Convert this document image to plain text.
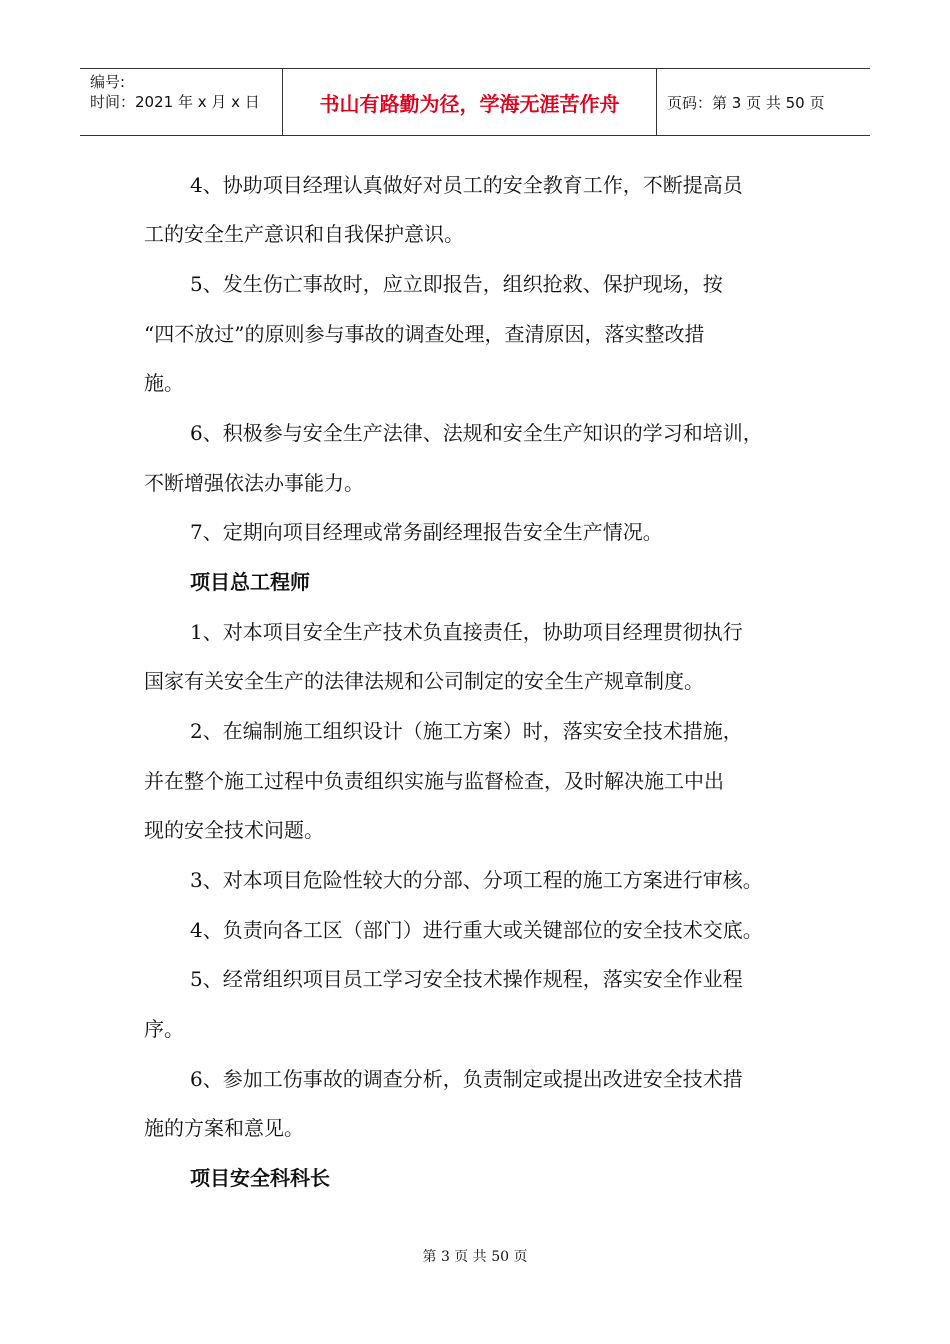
编号:
时间：2021 年 x 月 x 日	书山有路勤为径，学海无涯苦作舟	页码：第 3 页 共 50 页

4、协助项目经理认真做好对员工的安全教育工作，不断提高员

工的安全生产意识和自我保护意识。

5、发生伤亡事故时，应立即报告，组织抢救、保护现场，按

“四不放过”的原则参与事故的调查处理，查清原因，落实整改措

施。

6、积极参与安全生产法律、法规和安全生产知识的学习和培训，

不断增强依法办事能力。

7、定期向项目经理或常务副经理报告安全生产情况。

项目总工程师

1、对本项目安全生产技术负直接责任，协助项目经理贯彻执行

国家有关安全生产的法律法规和公司制定的安全生产规章制度。

2、在编制施工组织设计（施工方案）时，落实安全技术措施，

并在整个施工过程中负责组织实施与监督检查，及时解决施工中出

现的安全技术问题。

3、对本项目危险性较大的分部、分项工程的施工方案进行审核。

4、负责向各工区（部门）进行重大或关键部位的安全技术交底。

5、经常组织项目员工学习安全技术操作规程，落实安全作业程

序。

6、参加工伤事故的调查分析，负责制定或提出改进安全技术措

施的方案和意见。

项目安全科科长

第 3 页 共 50 页
